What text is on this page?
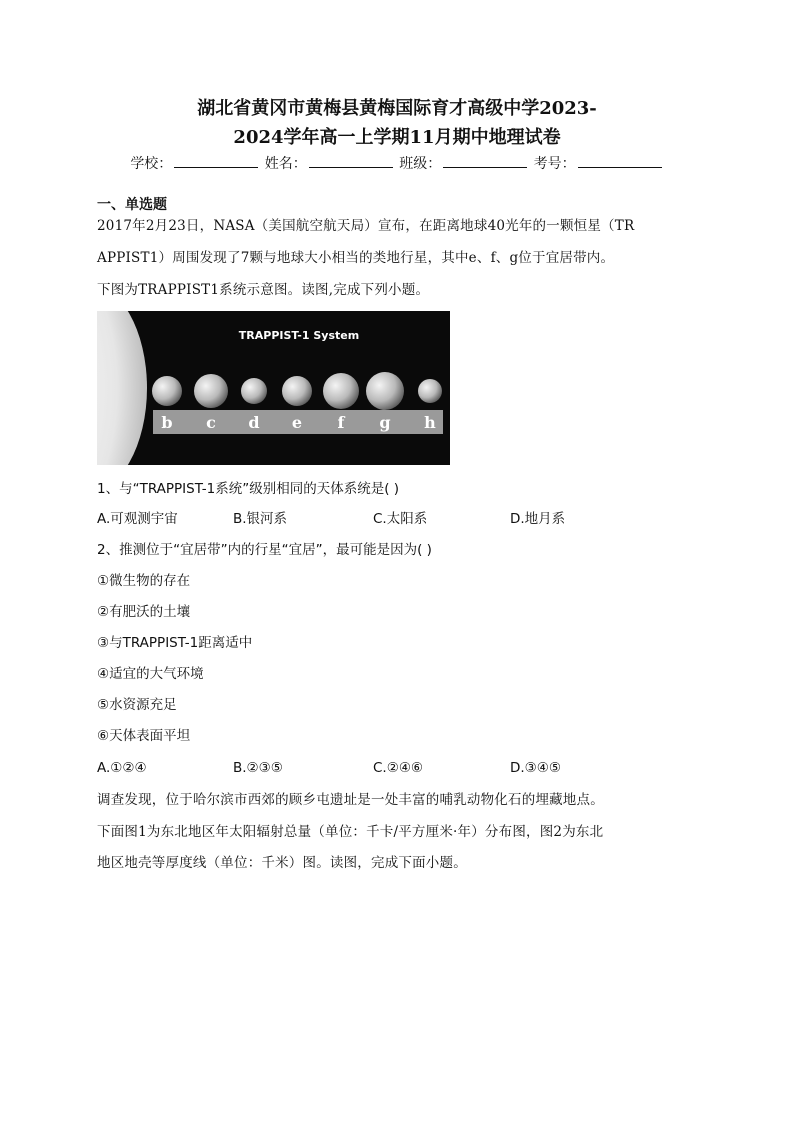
湖北省黄冈市黄梅县黄梅国际育才高级中学2023-
2024学年高一上学期11月期中地理试卷
学校：	姓名：	班级：	考号：
一、单选题
2017年2月23日，NASA（美国航空航天局）宣布，在距离地球40光年的一颗恒星（TR
APPIST1）周围发现了7颗与地球大小相当的类地行星，其中e、f、g位于宜居带内。
下图为TRAPPIST1系统示意图。读图,完成下列小题。
TRAPPIST-1 System
b c d e f g h
1、与“TRAPPIST-1系统”级别相同的天体系统是( )
A.可观测宇宙	B.银河系	C.太阳系	D.地月系
2、推测位于“宜居带”内的行星“宜居”，最可能是因为( )
①微生物的存在
②有肥沃的土壤
③与TRAPPIST-1距离适中
④适宜的大气环境
⑤水资源充足
⑥天体表面平坦
A.①②④	B.②③⑤	C.②④⑥	D.③④⑤
调查发现，位于哈尔滨市西郊的顾乡屯遗址是一处丰富的哺乳动物化石的埋藏地点。
下面图1为东北地区年太阳辐射总量（单位：千卡/平方厘米·年）分布图，图2为东北
地区地壳等厚度线（单位：千米）图。读图，完成下面小题。
